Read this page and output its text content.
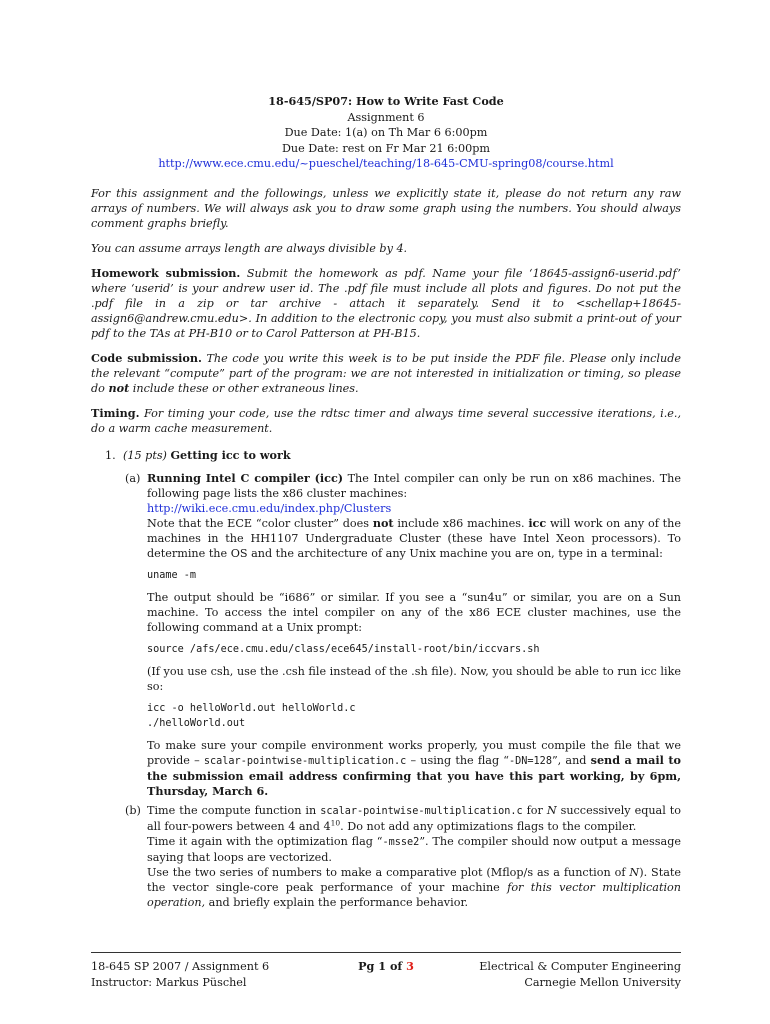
18-645/SP07: How to Write Fast Code
Assignment 6
Due Date: 1(a) on Th Mar 6 6:00pm
Due Date: rest on Fr Mar 21 6:00pm
http://www.ece.cmu.edu/~pueschel/teaching/18-645-CMU-spring08/course.html

For this assignment and the followings, unless we explicitly state it, please do not return any raw arrays of numbers. We will always ask you to draw some graph using the numbers. You should always comment graphs briefly.

You can assume arrays length are always divisible by 4.

Homework submission. Submit the homework as pdf. Name your file ‘18645-assign6-userid.pdf’ where ‘userid’ is your andrew user id. The .pdf file must include all plots and figures. Do not put the .pdf file in a zip or tar archive - attach it separately. Send it to <schellap+18645-assign6@andrew.cmu.edu>. In addition to the electronic copy, you must also submit a print-out of your pdf to the TAs at PH-B10 or to Carol Patterson at PH-B15.

Code submission. The code you write this week is to be put inside the PDF file. Please only include the relevant “compute” part of the program: we are not interested in initialization or timing, so please do not include these or other extraneous lines.

Timing. For timing your code, use the rdtsc timer and always time several successive iterations, i.e., do a warm cache measurement.

1. (15 pts) Getting icc to work
(a) Running Intel C compiler (icc) The Intel compiler can only be run on x86 machines. The following page lists the x86 cluster machines:
http://wiki.ece.cmu.edu/index.php/Clusters

Note that the ECE “color cluster” does not include x86 machines. icc will work on any of the machines in the HH1107 Undergraduate Cluster (these have Intel Xeon processors). To determine the OS and the architecture of any Unix machine you are on, type in a terminal:

uname -m

The output should be “i686” or similar. If you see a “sun4u” or similar, you are on a Sun machine. To access the intel compiler on any of the x86 ECE cluster machines, use the following command at a Unix prompt:

source /afs/ece.cmu.edu/class/ece645/install-root/bin/iccvars.sh

(If you use csh, use the .csh file instead of the .sh file). Now, you should be able to run icc like so:

icc -o helloWorld.out helloWorld.c
./helloWorld.out

To make sure your compile environment works properly, you must compile the file that we provide – scalar-pointwise-multiplication.c – using the flag “-DN=128”, and send a mail to the submission email address confirming that you have this part working, by 6pm, Thursday, March 6.

(b) Time the compute function in scalar-pointwise-multiplication.c for N successively equal to all four-powers between 4 and $4^{10}$. Do not add any optimizations flags to the compiler.

Time it again with the optimization flag “-msse2”. The compiler should now output a message saying that loops are vectorized.

Use the two series of numbers to make a comparative plot (Mflop/s as a function of N). State the vector single-core peak performance of your machine for this vector multiplication operation, and briefly explain the performance behavior.

18-645 SP 2007 / Assignment 6
Instructor: Markus Püschel
Pg 1 of 3	Electrical & Computer Engineering
Carnegie Mellon University
